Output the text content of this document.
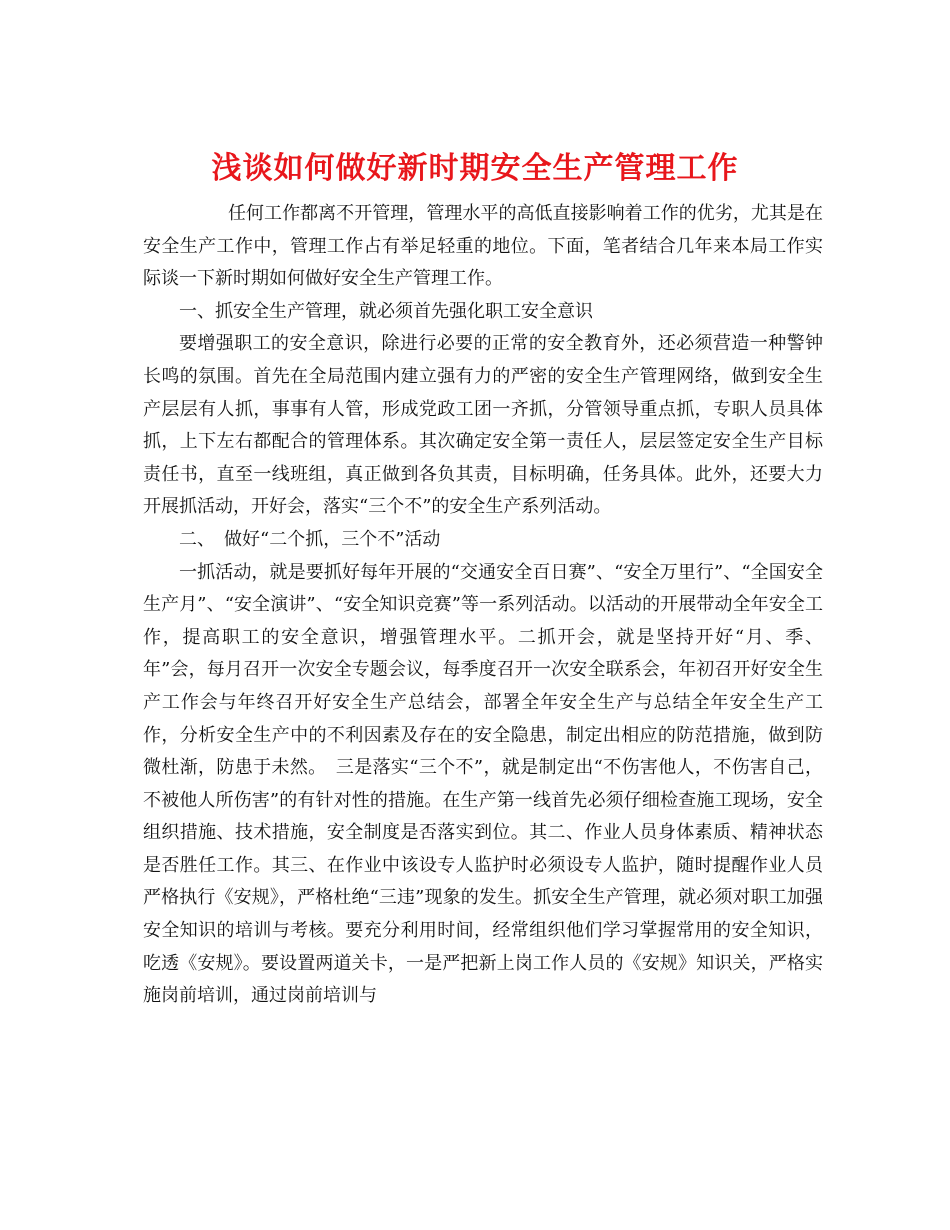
浅谈如何做好新时期安全生产管理工作

任何工作都离不开管理，管理水平的高低直接影响着工作的优劣，尤其是在安全生产工作中，管理工作占有举足轻重的地位。下面，笔者结合几年来本局工作实际谈一下新时期如何做好安全生产管理工作。

一、抓安全生产管理，就必须首先强化职工安全意识

要增强职工的安全意识，除进行必要的正常的安全教育外，还必须营造一种警钟长鸣的氛围。首先在全局范围内建立强有力的严密的安全生产管理网络，做到安全生产层层有人抓，事事有人管，形成党政工团一齐抓，分管领导重点抓，专职人员具体抓，上下左右都配合的管理体系。其次确定安全第一责任人，层层签定安全生产目标责任书，直至一线班组，真正做到各负其责，目标明确，任务具体。此外，还要大力开展抓活动，开好会，落实“三个不”的安全生产系列活动。

二、　做好“二个抓，三个不”活动

一抓活动，就是要抓好每年开展的“交通安全百日赛”、“安全万里行”、“全国安全生产月”、“安全演讲”、“安全知识竞赛”等一系列活动。以活动的开展带动全年安全工作，提高职工的安全意识，增强管理水平。二抓开会，就是坚持开好“月、季、年”会，每月召开一次安全专题会议，每季度召开一次安全联系会，年初召开好安全生产工作会与年终召开好安全生产总结会，部署全年安全生产与总结全年安全生产工作，分析安全生产中的不利因素及存在的安全隐患，制定出相应的防范措施，做到防微杜渐，防患于未然。　三是落实“三个不”，就是制定出“不伤害他人，不伤害自己，不被他人所伤害”的有针对性的措施。在生产第一线首先必须仔细检查施工现场，安全组织措施、技术措施，安全制度是否落实到位。其二、作业人员身体素质、精神状态是否胜任工作。其三、在作业中该设专人监护时必须设专人监护，随时提醒作业人员严格执行《安规》，严格杜绝“三违”现象的发生。抓安全生产管理，就必须对职工加强安全知识的培训与考核。要充分利用时间，经常组织他们学习掌握常用的安全知识，吃透《安规》。要设置两道关卡，一是严把新上岗工作人员的《安规》知识关，严格实施岗前培训，通过岗前培训与
